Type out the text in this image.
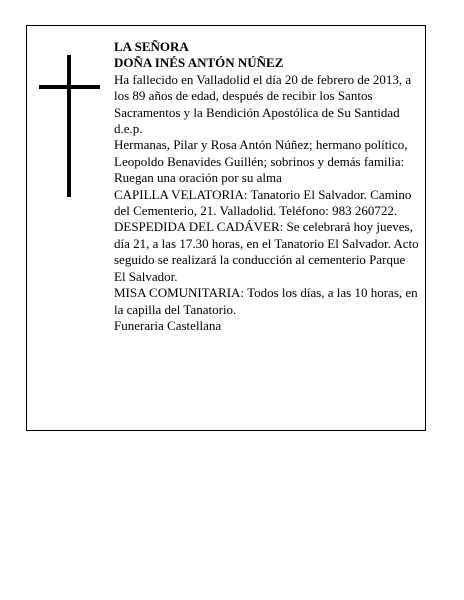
LA SEÑORA

DOÑA INÉS ANTÓN NÚÑEZ

Ha fallecido en Valladolid el día 20 de febrero de 2013, a los 89 años de edad, después de recibir los Santos Sacramentos y la Bendición Apostólica de Su Santidad

d.e.p.

Hermanas, Pilar y Rosa Antón Núñez; hermano político, Leopoldo Benavides Guillén; sobrinos y demás familia:

Ruegan una oración por su alma

CAPILLA VELATORIA: Tanatorio El Salvador. Camino del Cementerio, 21. Valladolid. Teléfono: 983 260722.

DESPEDIDA DEL CADÁVER: Se celebrará hoy jueves, día 21, a las 17.30 horas, en el Tanatorio El Salvador. Acto seguido se realizará la conducción al cementerio Parque El Salvador.

MISA COMUNITARIA: Todos los días, a las 10 horas, en la capilla del Tanatorio.

Funeraria Castellana
